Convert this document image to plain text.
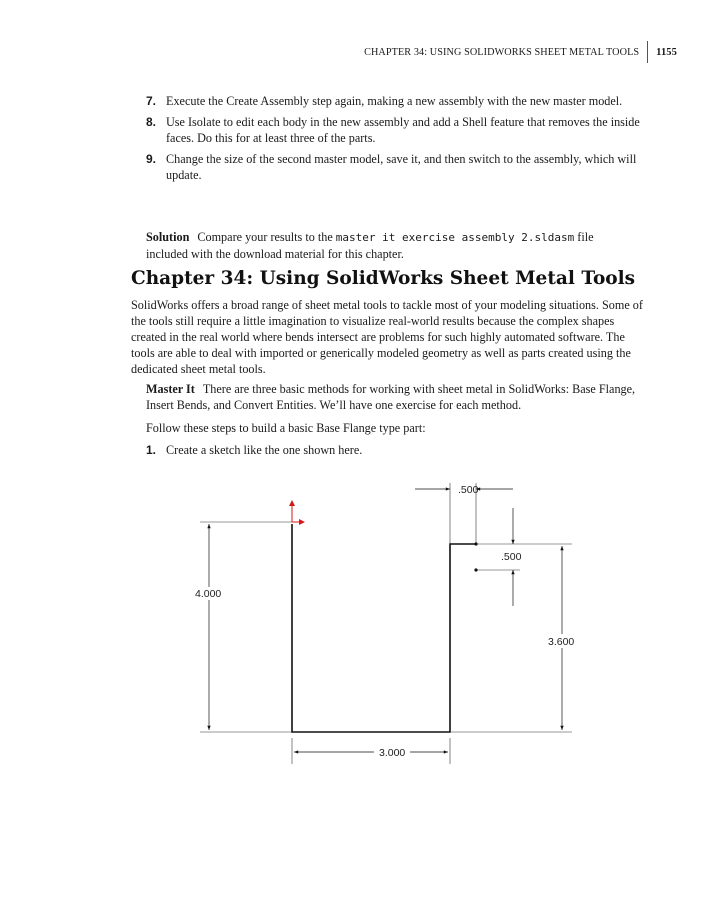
CHAPTER 34: USING SOLIDWORKS SHEET METAL TOOLS 1155
7. Execute the Create Assembly step again, making a new assembly with the new master model.
8. Use Isolate to edit each body in the new assembly and add a Shell feature that removes the inside faces. Do this for at least three of the parts.
9. Change the size of the second master model, save it, and then switch to the assembly, which will update.

Solution Compare your results to the master it exercise assembly 2.sldasm file included with the download material for this chapter.

Chapter 34: Using SolidWorks Sheet Metal Tools

SolidWorks offers a broad range of sheet metal tools to tackle most of your modeling situations. Some of the tools still require a little imagination to visualize real-world results because the complex shapes created in the real world where bends intersect are problems for such highly automated software. The tools are able to deal with imported or generically modeled geometry as well as parts created using the dedicated sheet metal tools.

Master It There are three basic methods for working with sheet metal in SolidWorks: Base Flange, Insert Bends, and Convert Entities. We’ll have one exercise for each method.

Follow these steps to build a basic Base Flange type part:

1. Create a sketch like the one shown here.
4.000
3.600
3.000
.500
.500
